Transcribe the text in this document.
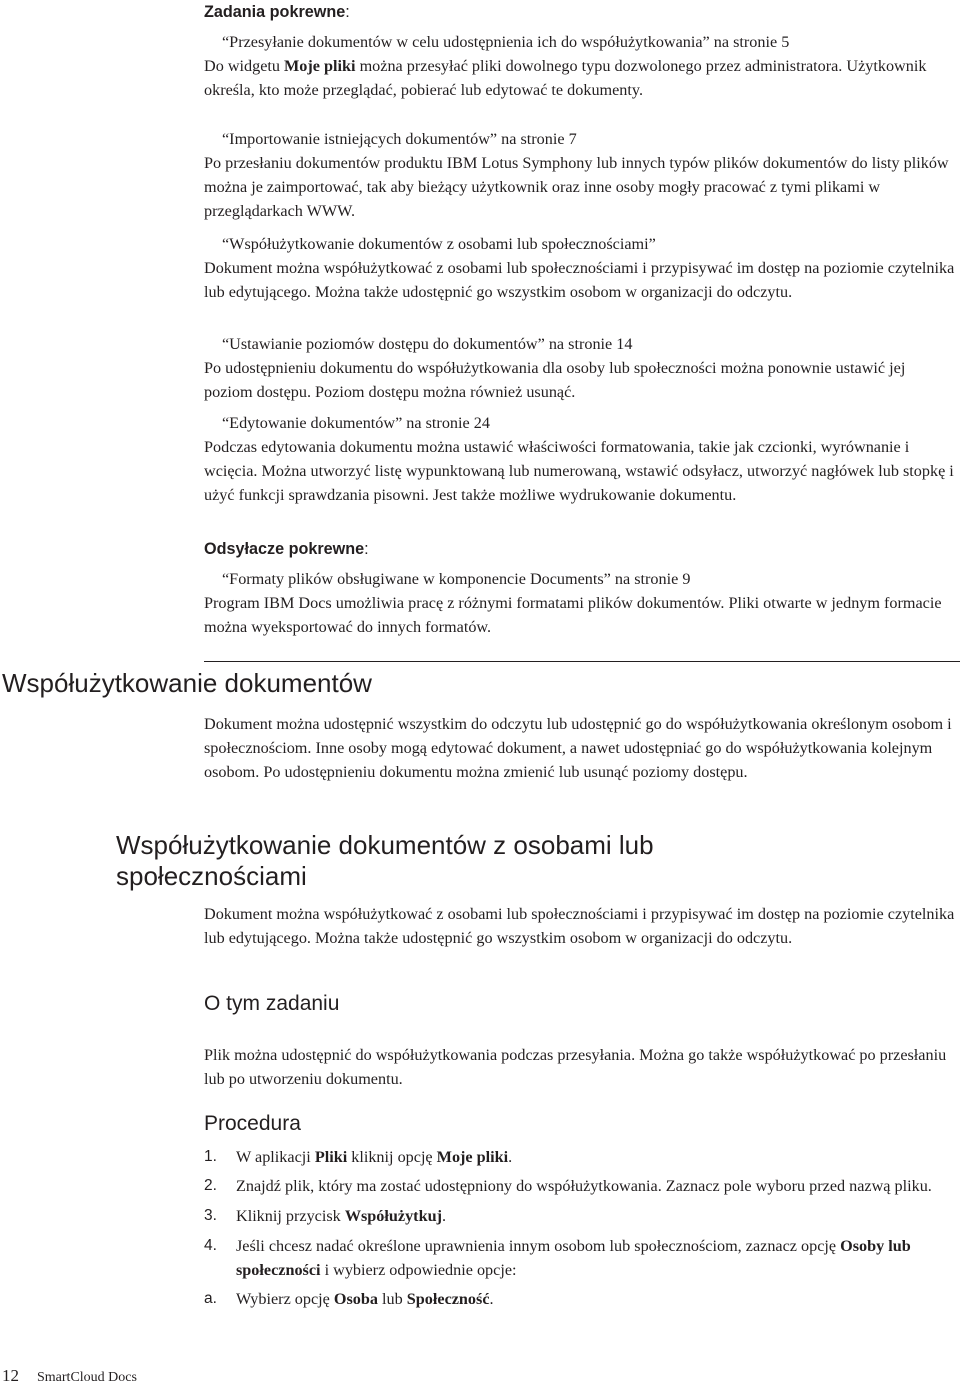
Zadania pokrewne:

“Przesyłanie dokumentów w celu udostępnienia ich do współużytkowania” na stronie 5

Do widgetu Moje pliki można przesyłać pliki dowolnego typu dozwolonego przez administratora. Użytkownik określa, kto może przeglądać, pobierać lub edytować te dokumenty.

“Importowanie istniejących dokumentów” na stronie 7

Po przesłaniu dokumentów produktu IBM Lotus Symphony lub innych typów plików dokumentów do listy plików można je zaimportować, tak aby bieżący użytkownik oraz inne osoby mogły pracować z tymi plikami w przeglądarkach WWW.

“Współużytkowanie dokumentów z osobami lub społecznościami”

Dokument można współużytkować z osobami lub społecznościami i przypisywać im dostęp na poziomie czytelnika lub edytującego. Można także udostępnić go wszystkim osobom w organizacji do odczytu.

“Ustawianie poziomów dostępu do dokumentów” na stronie 14

Po udostępnieniu dokumentu do współużytkowania dla osoby lub społeczności można ponownie ustawić jej poziom dostępu. Poziom dostępu można również usunąć.

“Edytowanie dokumentów” na stronie 24

Podczas edytowania dokumentu można ustawić właściwości formatowania, takie jak czcionki, wyrównanie i wcięcia. Można utworzyć listę wypunktowaną lub numerowaną, wstawić odsyłacz, utworzyć nagłówek lub stopkę i użyć funkcji sprawdzania pisowni. Jest także możliwe wydrukowanie dokumentu.

Odsyłacze pokrewne:

“Formaty plików obsługiwane w komponencie Documents” na stronie 9

Program IBM Docs umożliwia pracę z różnymi formatami plików dokumentów. Pliki otwarte w jednym formacie można wyeksportować do innych formatów.

Współużytkowanie dokumentów

Dokument można udostępnić wszystkim do odczytu lub udostępnić go do współużytkowania określonym osobom i społecznościom. Inne osoby mogą edytować dokument, a nawet udostępniać go do współużytkowania kolejnym osobom. Po udostępnieniu dokumentu można zmienić lub usunąć poziomy dostępu.

Współużytkowanie dokumentów z osobami lub społecznościami

Dokument można współużytkować z osobami lub społecznościami i przypisywać im dostęp na poziomie czytelnika lub edytującego. Można także udostępnić go wszystkim osobom w organizacji do odczytu.

O tym zadaniu

Plik można udostępnić do współużytkowania podczas przesyłania. Można go także współużytkować po przesłaniu lub po utworzeniu dokumentu.

Procedura

1. W aplikacji Pliki kliknij opcję Moje pliki.

2. Znajdź plik, który ma zostać udostępniony do współużytkowania. Zaznacz pole wyboru przed nazwą pliku.

3. Kliknij przycisk Współużytkuj.

4. Jeśli chcesz nadać określone uprawnienia innym osobom lub społecznościom, zaznacz opcję Osoby lub społeczności i wybierz odpowiednie opcje:

a. Wybierz opcję Osoba lub Społeczność.

12 SmartCloud Docs
